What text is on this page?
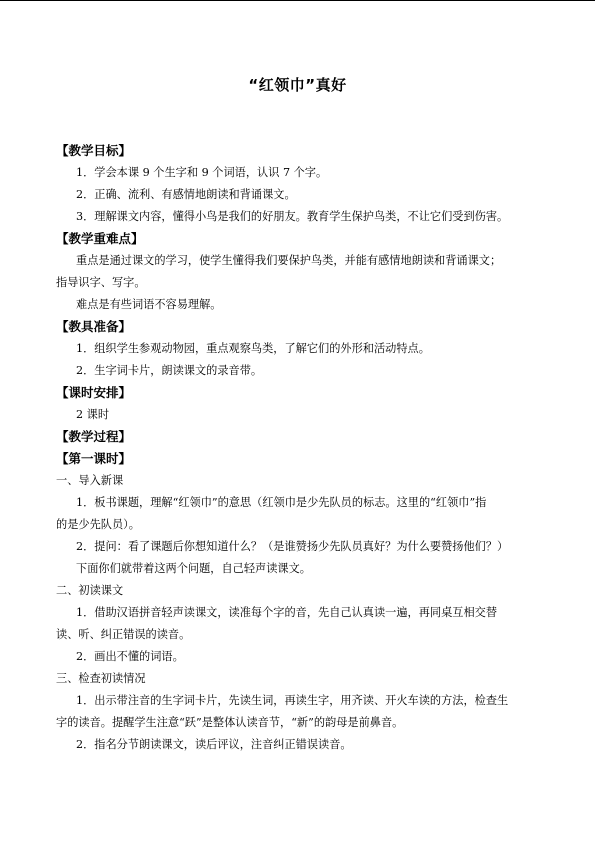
“红领巾”真好
【教学目标】
1．学会本课 9 个生字和 9 个词语，认识 7 个字。
2．正确、流利、有感情地朗读和背诵课文。
3．理解课文内容，懂得小鸟是我们的好朋友。教育学生保护鸟类，不让它们受到伤害。
【教学重难点】
重点是通过课文的学习，使学生懂得我们要保护鸟类，并能有感情地朗读和背诵课文；
指导识字、写字。
难点是有些词语不容易理解。
【教具准备】
1．组织学生参观动物园，重点观察鸟类，了解它们的外形和活动特点。
2．生字词卡片，朗读课文的录音带。
【课时安排】
2 课时
【教学过程】
【第一课时】
一、导入新课
1．板书课题，理解“红领巾”的意思（红领巾是少先队员的标志。这里的“红领巾”指
的是少先队员）。
2．提问：看了课题后你想知道什么？（是谁赞扬少先队员真好？为什么要赞扬他们？）
下面你们就带着这两个问题，自己轻声读课文。
二、初读课文
1．借助汉语拼音轻声读课文，读准每个字的音，先自己认真读一遍，再同桌互相交替
读、听、纠正错误的读音。
2．画出不懂的词语。
三、检查初读情况
1．出示带注音的生字词卡片，先读生词，再读生字，用齐读、开火车读的方法，检查生
字的读音。提醒学生注意“跃”是整体认读音节，“新”的韵母是前鼻音。
2．指名分节朗读课文，读后评议，注音纠正错误读音。
